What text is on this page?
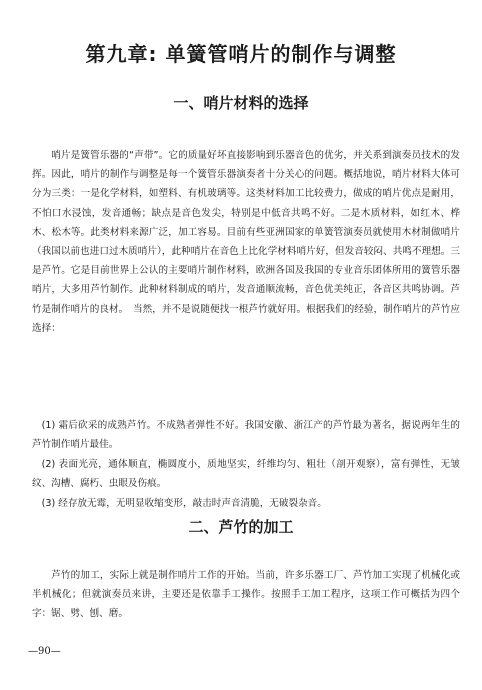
第九章: 单簧管哨片的制作与调整
一、哨片材料的选择

哨片是簧管乐器的“声带”。它的质量好坏直接影响到乐器音色的优劣，并关系到演奏员技术的发挥。因此，哨片的制作与调整是每一个簧管乐器演奏者十分关心的问题。概括地说，哨片材料大体可分为三类：一是化学材料，如塑料、有机玻璃等。这类材料加工比较费力，做成的哨片优点是耐用，不怕口水浸蚀，发音通畅；缺点是音色发尖，特别是中低音共鸣不好。二是木质材料，如红木、桦木、松木等。此类材料来源广泛，加工容易。目前有些亚洲国家的单簧管演奏员就使用木材制做哨片（我国以前也进口过木质哨片），此种哨片在音色上比化学材料哨片好，但发音较闷、共鸣不理想。三是芦竹。它是目前世界上公认的主要哨片制作材料，欧洲各国及我国的专业音乐团体所用的簧管乐器哨片，大多用芦竹制作。此种材料制成的哨片，发音通顺流畅，音色优美纯正，各音区共鸣协调。芦竹是制作哨片的良材。　当然，并不是说随便找一根芦竹就好用。根据我们的经验，制作哨片的芦竹应选择：

(1) 霜后砍采的成熟芦竹。不成熟者弹性不好。我国安徽、浙江产的芦竹最为著名，据说两年生的芦竹制作哨片最佳。

(2) 表面光亮，通体顺直，椭圆度小，质地坚实，纤维均匀、粗壮（剖开观察），富有弹性，无皱纹、沟槽、腐朽、虫眼及伤痕。

(3) 经存放无霉，无明显收缩变形，敲击时声音清脆，无破裂杂音。

二、芦竹的加工

芦竹的加工，实际上就是制作哨片工作的开始。当前，许多乐器工厂、芦竹加工实现了机械化或半机械化；但就演奏员来讲，主要还是依靠手工操作。按照手工加工程序，这项工作可概括为四个字：锯、劈、刨、磨。

—90—
